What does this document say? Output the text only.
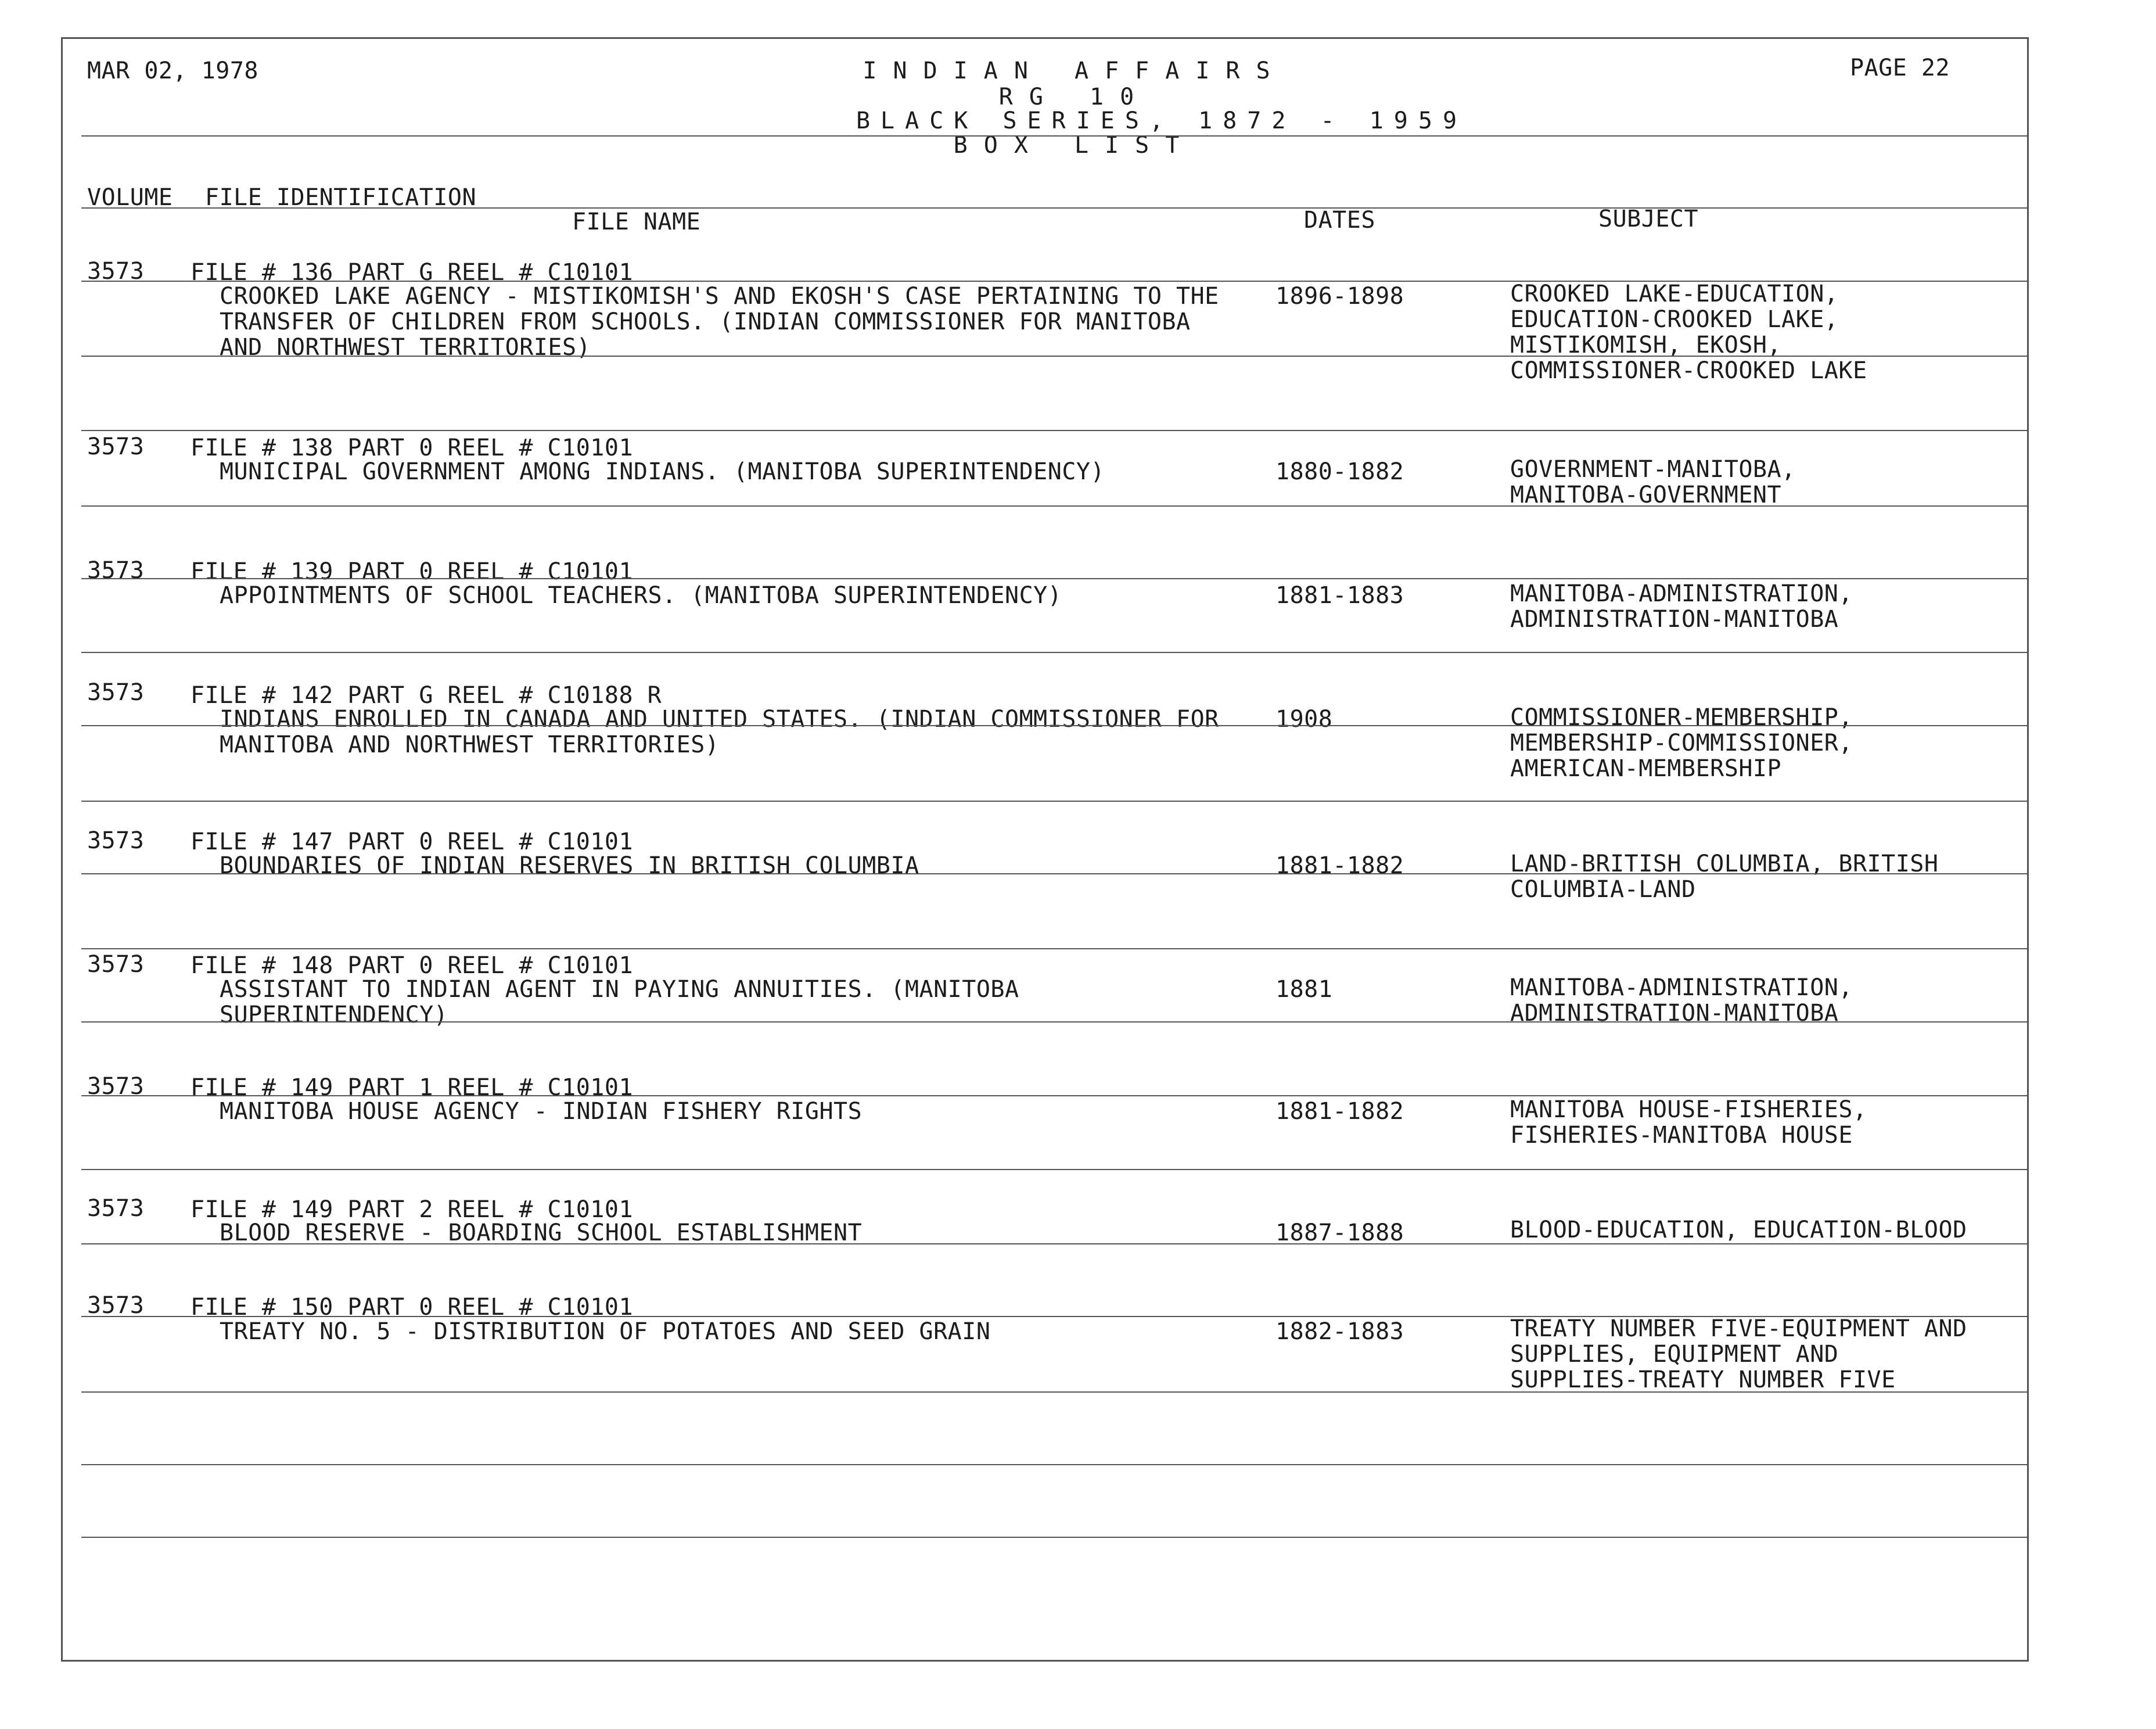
MAR 02, 1978	INDIAN AFFAIRS
RG 10
BLACK SERIES, 1872 - 1959
BOX LIST
PAGE 22
VOLUME FILE IDENTIFICATION
FILE NAME	DATES	SUBJECT
3573 FILE # 136 PART G REEL # C10101
CROOKED LAKE AGENCY - MISTIKOMISH'S AND EKOSH'S CASE PERTAINING TO THE
TRANSFER OF CHILDREN FROM SCHOOLS. (INDIAN COMMISSIONER FOR MANITOBA
AND NORTHWEST TERRITORIES)
1896-1898	CROOKED LAKE-EDUCATION,
EDUCATION-CROOKED LAKE,
MISTIKOMISH, EKOSH,
COMMISSIONER-CROOKED LAKE
3573 FILE # 138 PART 0 REEL # C10101
MUNICIPAL GOVERNMENT AMONG INDIANS. (MANITOBA SUPERINTENDENCY)	1880-1882	GOVERNMENT-MANITOBA,
MANITOBA-GOVERNMENT
3573 FILE # 139 PART 0 REEL # C10101
APPOINTMENTS OF SCHOOL TEACHERS. (MANITOBA SUPERINTENDENCY)	1881-1883	MANITOBA-ADMINISTRATION,
ADMINISTRATION-MANITOBA
3573 FILE # 142 PART G REEL # C10188 R
INDIANS ENROLLED IN CANADA AND UNITED STATES. (INDIAN COMMISSIONER FOR
MANITOBA AND NORTHWEST TERRITORIES)
1908	COMMISSIONER-MEMBERSHIP,
MEMBERSHIP-COMMISSIONER,
AMERICAN-MEMBERSHIP
3573 FILE # 147 PART 0 REEL # C10101
BOUNDARIES OF INDIAN RESERVES IN BRITISH COLUMBIA	1881-1882	LAND-BRITISH COLUMBIA, BRITISH
COLUMBIA-LAND
3573 FILE # 148 PART 0 REEL # C10101
ASSISTANT TO INDIAN AGENT IN PAYING ANNUITIES. (MANITOBA
SUPERINTENDENCY)
1881	MANITOBA-ADMINISTRATION,
ADMINISTRATION-MANITOBA
3573 FILE # 149 PART 1 REEL # C10101
MANITOBA HOUSE AGENCY - INDIAN FISHERY RIGHTS	1881-1882	MANITOBA HOUSE-FISHERIES,
FISHERIES-MANITOBA HOUSE
3573 FILE # 149 PART 2 REEL # C10101
BLOOD RESERVE - BOARDING SCHOOL ESTABLISHMENT	1887-1888	BLOOD-EDUCATION, EDUCATION-BLOOD
3573 FILE # 150 PART 0 REEL # C10101
TREATY NO. 5 - DISTRIBUTION OF POTATOES AND SEED GRAIN	1882-1883	TREATY NUMBER FIVE-EQUIPMENT AND
SUPPLIES, EQUIPMENT AND
SUPPLIES-TREATY NUMBER FIVE
